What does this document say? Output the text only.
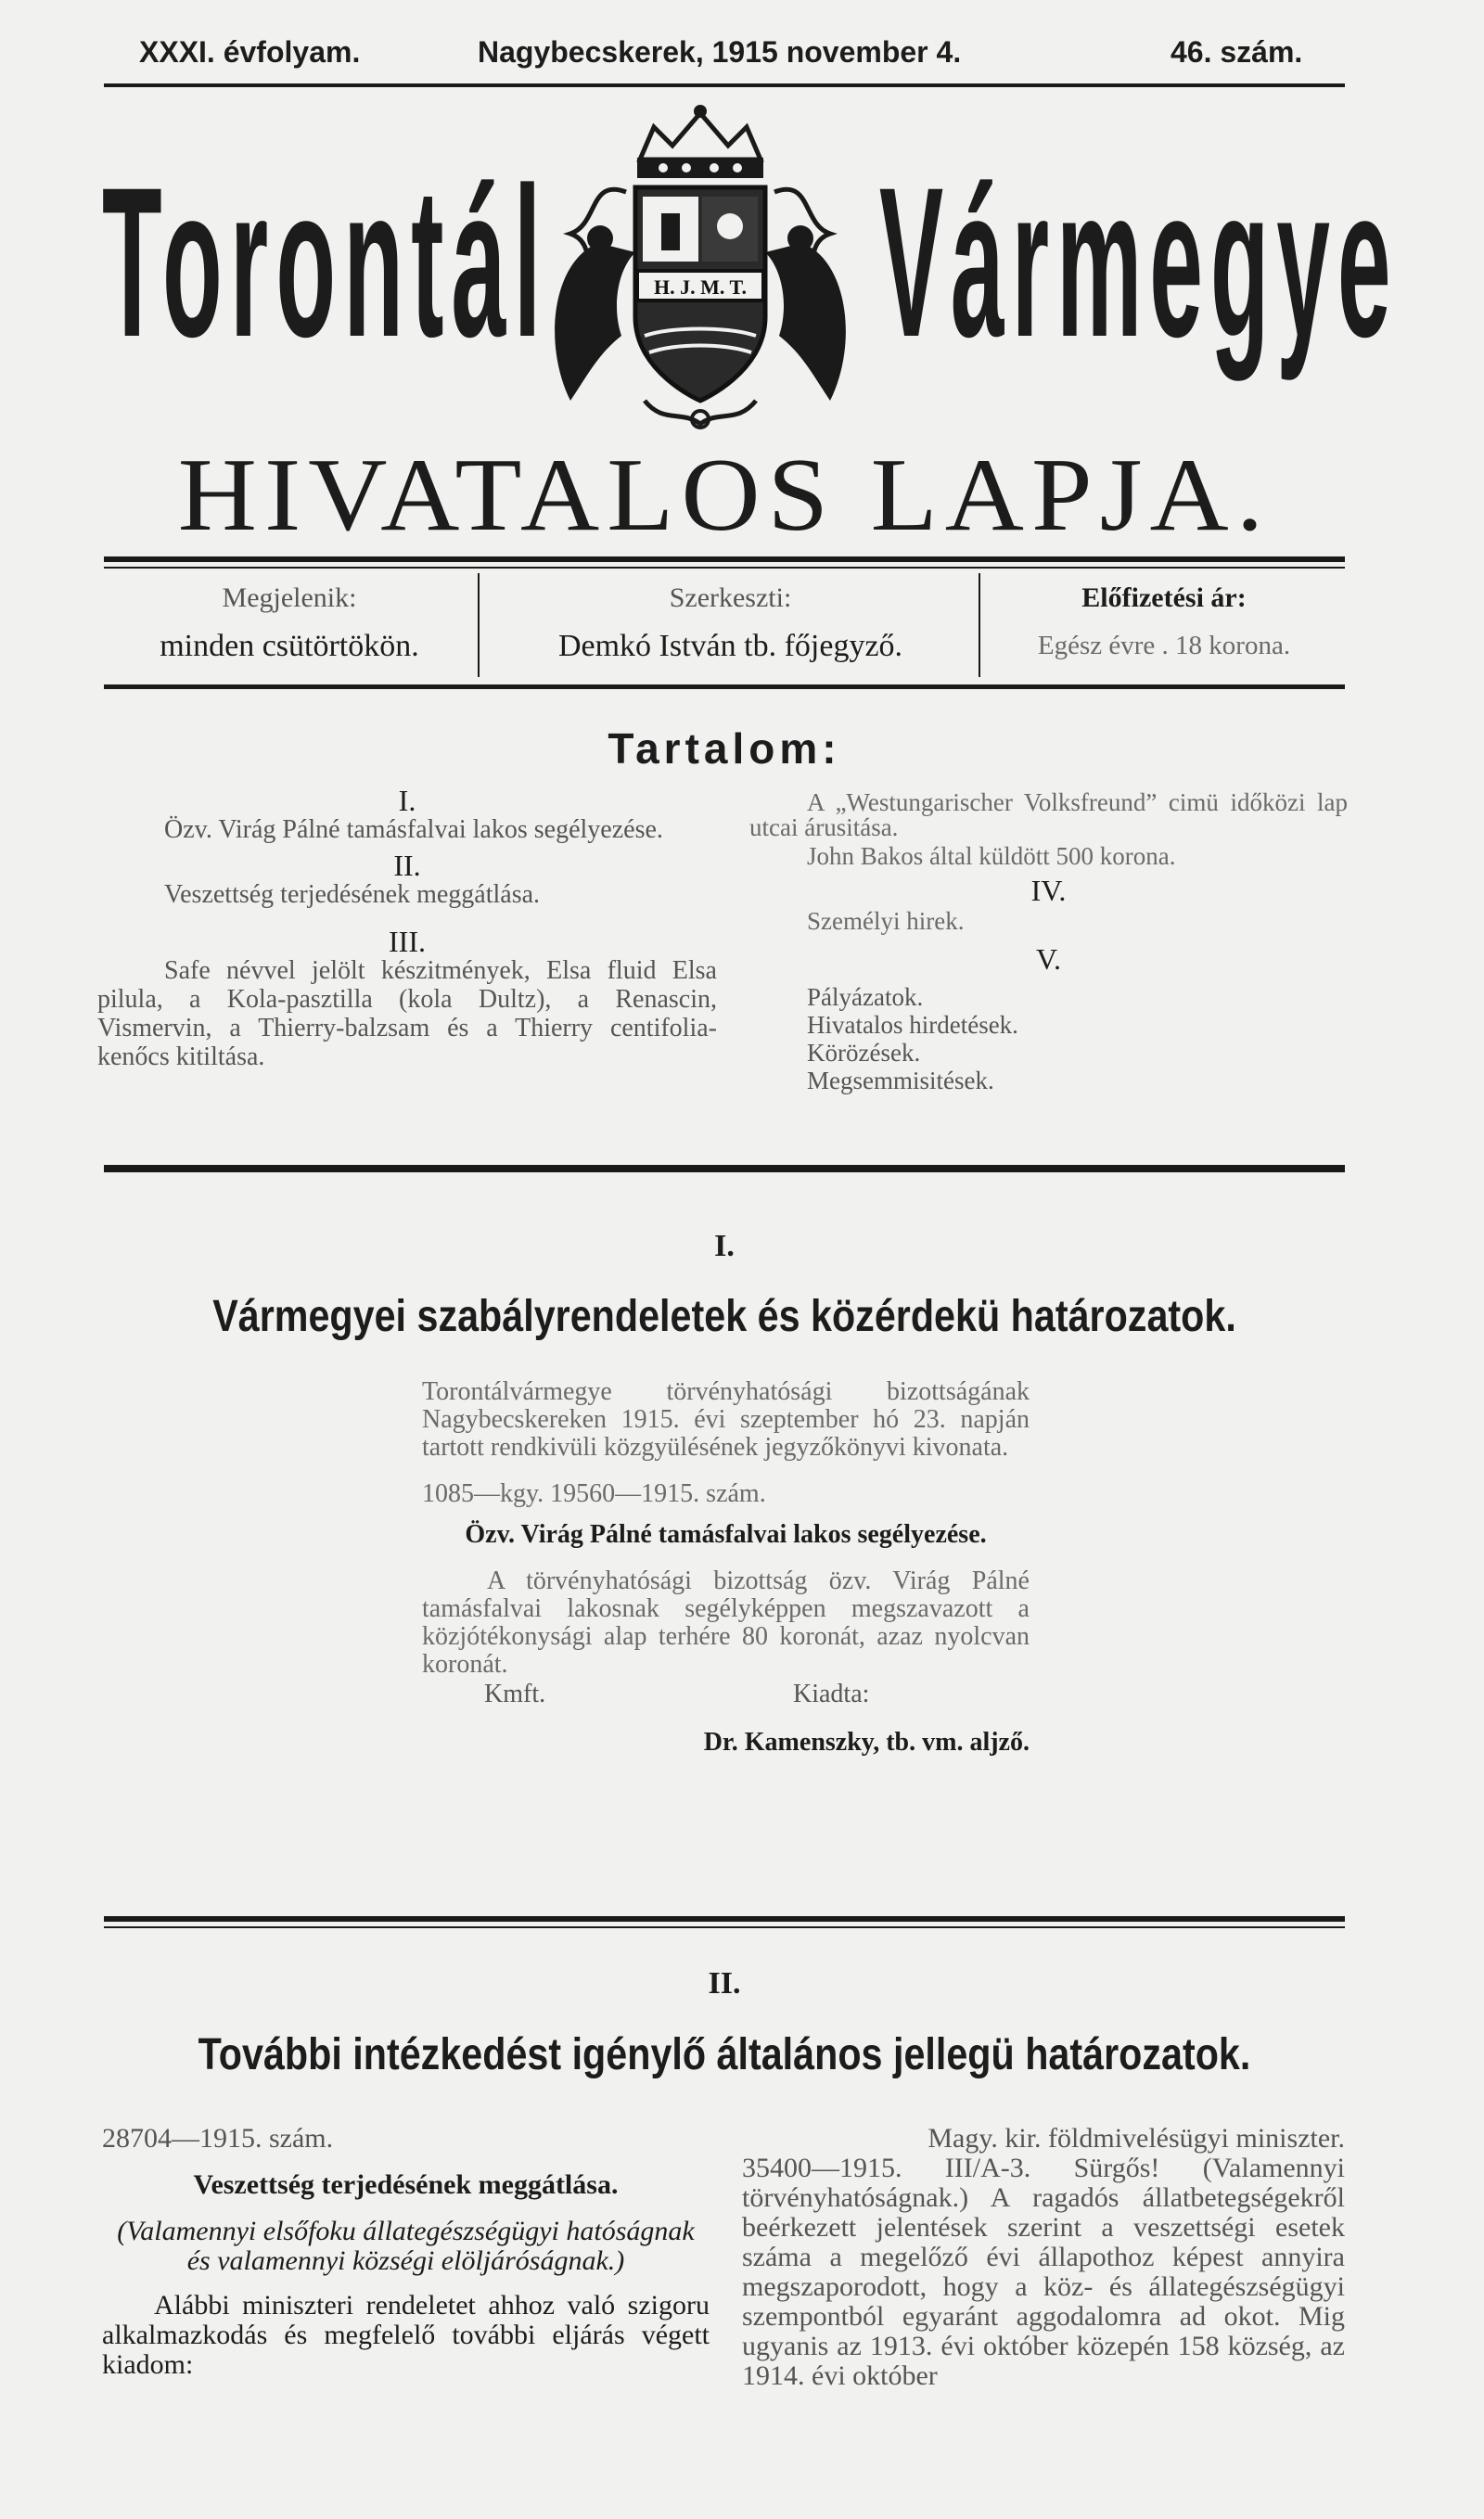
XXXI. évfolyam.	Nagybecskerek, 1915 november 4.	46. szám.
Torontál Vármegye
H. J. M. T.
HIVATALOS LAPJA.
Megjelenik:
minden csütörtökön.
Szerkeszti:
Demkó István tb. főjegyző.
Előfizetési ár:
Egész évre . 18 korona.
Tartalom:
I.

Özv. Virág Pálné tamásfalvai lakos segélyezése.

II.

Veszettség terjedésének meggátlása.

III.

Safe névvel jelölt készitmények, Elsa fluid Elsa pilula, a Kola-pasztilla (kola Dultz), a Renascin, Vismervin, a Thierry-balzsam és a Thierry centifolia-kenőcs kitiltása.

A „Westungarischer Volksfreund” cimü időközi lap utcai árusitása.

John Bakos által küldött 500 korona.

IV.

Személyi hirek.

V.

Pályázatok.

Hivatalos hirdetések.

Körözések.

Megsemmisitések.

I.
Vármegyei szabályrendeletek és közérdekü határozatok.

Torontálvármegye törvényhatósági bizottságának Nagybecskereken 1915. évi szeptember hó 23. napján tartott rendkivüli közgyülésének jegyzőkönyvi kivonata.

1085—kgy. 19560—1915. szám.

Özv. Virág Pálné tamásfalvai lakos segélyezése.

A törvényhatósági bizottság özv. Virág Pálné tamásfalvai lakosnak segélyképpen megszavazott a közjótékonysági alap terhére 80 koronát, azaz nyolcvan koronát.

Kmft.	Kiadta:

Dr. Kamenszky, tb. vm. aljző.

II.
További intézkedést igénylő általános jellegü határozatok.

28704—1915. szám.

Veszettség terjedésének meggátlása.

(Valamennyi elsőfoku állategészségügyi hatóságnak és valamennyi községi elöljáróságnak.)

Alábbi miniszteri rendeletet ahhoz való szigoru alkalmazkodás és megfelelő további eljárás végett kiadom:

Magy. kir. földmivelésügyi miniszter.

35400—1915. III/A-3. Sürgős! (Valamennyi törvényhatóságnak.) A ragadós állatbetegségekről beérkezett jelentések szerint a veszettségi esetek száma a megelőző évi állapothoz képest annyira megszaporodott, hogy a köz- és állategészségügyi szempontból egyaránt aggodalomra ad okot. Mig ugyanis az 1913. évi október közepén 158 község, az 1914. évi október
